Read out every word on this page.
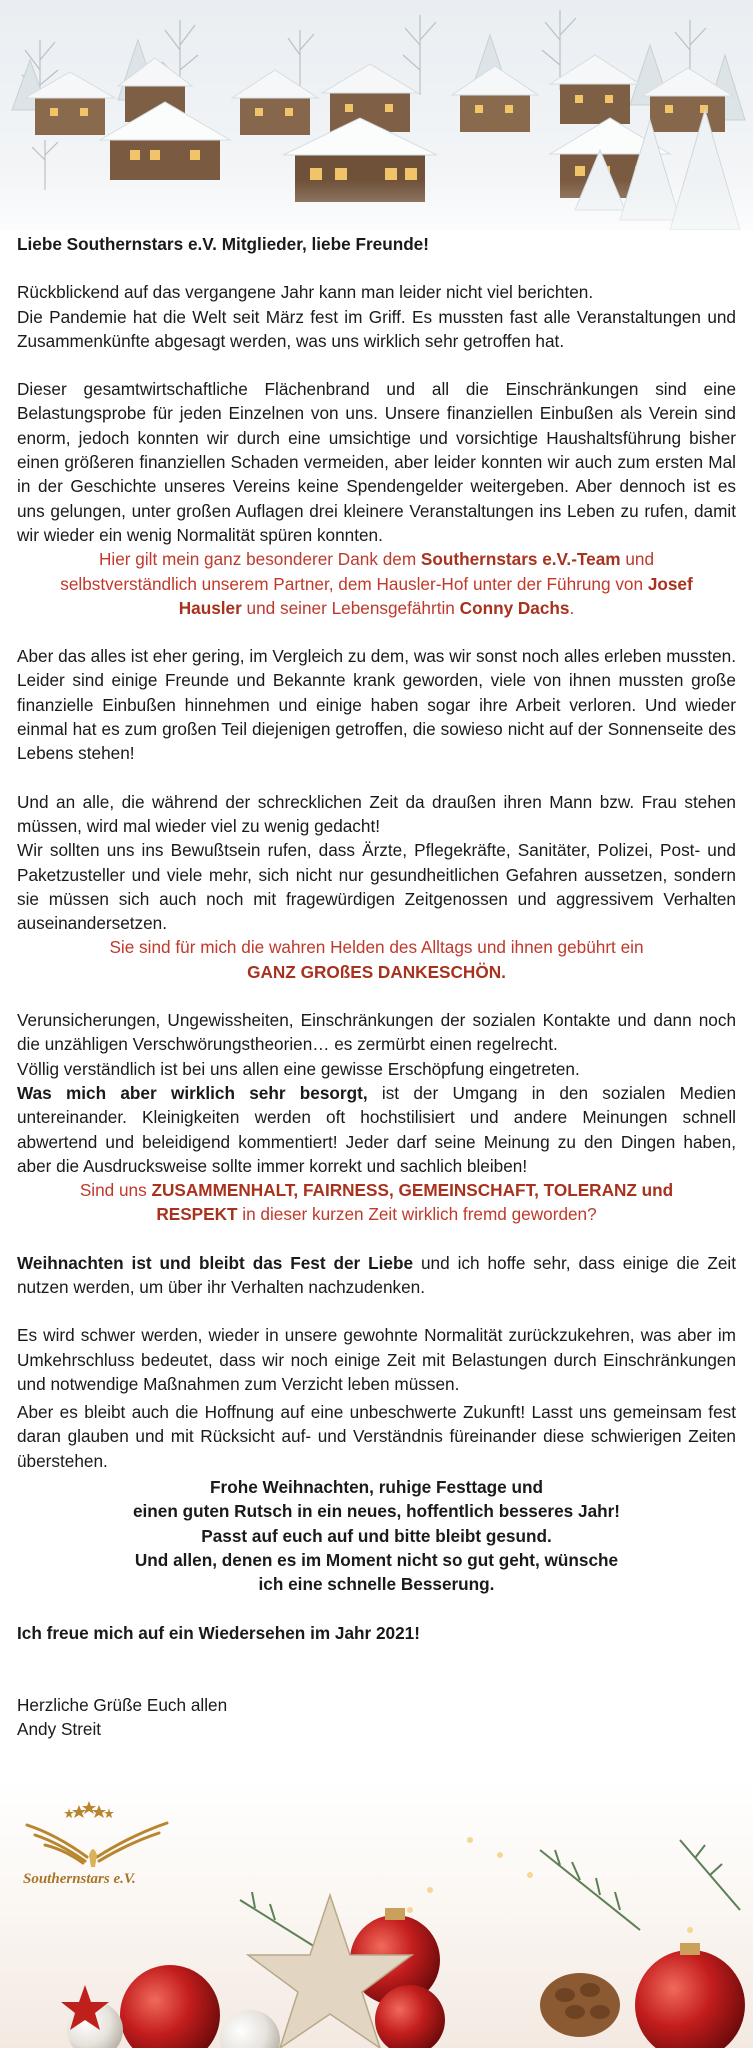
Liebe Southernstars e.V. Mitglieder, liebe Freunde!

Rückblickend auf das vergangene Jahr kann man leider nicht viel berichten.

Die Pandemie hat die Welt seit März fest im Griff. Es mussten fast alle Veranstaltungen und Zusammenkünfte abgesagt werden, was uns wirklich sehr getroffen hat.

Dieser gesamtwirtschaftliche Flächenbrand und all die Einschränkungen sind eine Belastungsprobe für jeden Einzelnen von uns. Unsere finanziellen Einbußen als Verein sind enorm, jedoch konnten wir durch eine umsichtige und vorsichtige Haushaltsführung bisher einen größeren finanziellen Schaden vermeiden, aber leider konnten wir auch zum ersten Mal in der Geschichte unseres Vereins keine Spendengelder weitergeben. Aber dennoch ist es uns gelungen, unter großen Auflagen drei kleinere Veranstaltungen ins Leben zu rufen, damit wir wieder ein wenig Normalität spüren konnten.

Hier gilt mein ganz besonderer Dank dem Southernstars e.V.-Team und selbstverständlich unserem Partner, dem Hausler-Hof unter der Führung von Josef Hausler und seiner Lebensgefährtin Conny Dachs.

Aber das alles ist eher gering, im Vergleich zu dem, was wir sonst noch alles erleben mussten. Leider sind einige Freunde und Bekannte krank geworden, viele von ihnen mussten große finanzielle Einbußen hinnehmen und einige haben sogar ihre Arbeit verloren. Und wieder einmal hat es zum großen Teil diejenigen getroffen, die sowieso nicht auf der Sonnenseite des Lebens stehen!

Und an alle, die während der schrecklichen Zeit da draußen ihren Mann bzw. Frau stehen müssen, wird mal wieder viel zu wenig gedacht!

Wir sollten uns ins Bewußtsein rufen, dass Ärzte, Pflegekräfte, Sanitäter, Polizei, Post- und Paketzusteller und viele mehr, sich nicht nur gesundheitlichen Gefahren aussetzen, sondern sie müssen sich auch noch mit fragewürdigen Zeitgenossen und aggressivem Verhalten auseinandersetzen.

Sie sind für mich die wahren Helden des Alltags und ihnen gebührt ein
GANZ GROßES DANKESCHÖN.

Verunsicherungen, Ungewissheiten, Einschränkungen der sozialen Kontakte und dann noch die unzähligen Verschwörungstheorien… es zermürbt einen regelrecht.

Völlig verständlich ist bei uns allen eine gewisse Erschöpfung eingetreten.

Was mich aber wirklich sehr besorgt, ist der Umgang in den sozialen Medien untereinander. Kleinigkeiten werden oft hochstilisiert und andere Meinungen schnell abwertend und beleidigend kommentiert! Jeder darf seine Meinung zu den Dingen haben, aber die Ausdrucksweise sollte immer korrekt und sachlich bleiben!

Sind uns ZUSAMMENHALT, FAIRNESS, GEMEINSCHAFT, TOLERANZ und RESPEKT in dieser kurzen Zeit wirklich fremd geworden?

Weihnachten ist und bleibt das Fest der Liebe und ich hoffe sehr, dass einige die Zeit nutzen werden, um über ihr Verhalten nachzudenken.

Es wird schwer werden, wieder in unsere gewohnte Normalität zurückzukehren, was aber im Umkehrschluss bedeutet, dass wir noch einige Zeit mit Belastungen durch Einschränkungen und notwendige Maßnahmen zum Verzicht leben müssen.

Aber es bleibt auch die Hoffnung auf eine unbeschwerte Zukunft! Lasst uns gemeinsam fest daran glauben und mit Rücksicht auf- und Verständnis füreinander diese schwierigen Zeiten überstehen.

Frohe Weihnachten, ruhige Festtage und

einen guten Rutsch in ein neues, hoffentlich besseres Jahr!

Passt auf euch auf und bitte bleibt gesund.

Und allen, denen es im Moment nicht so gut geht, wünsche

ich eine schnelle Besserung.

Ich freue mich auf ein Wiedersehen im Jahr 2021!

Herzliche Grüße Euch allen

Andy Streit

Southernstars e.V.
